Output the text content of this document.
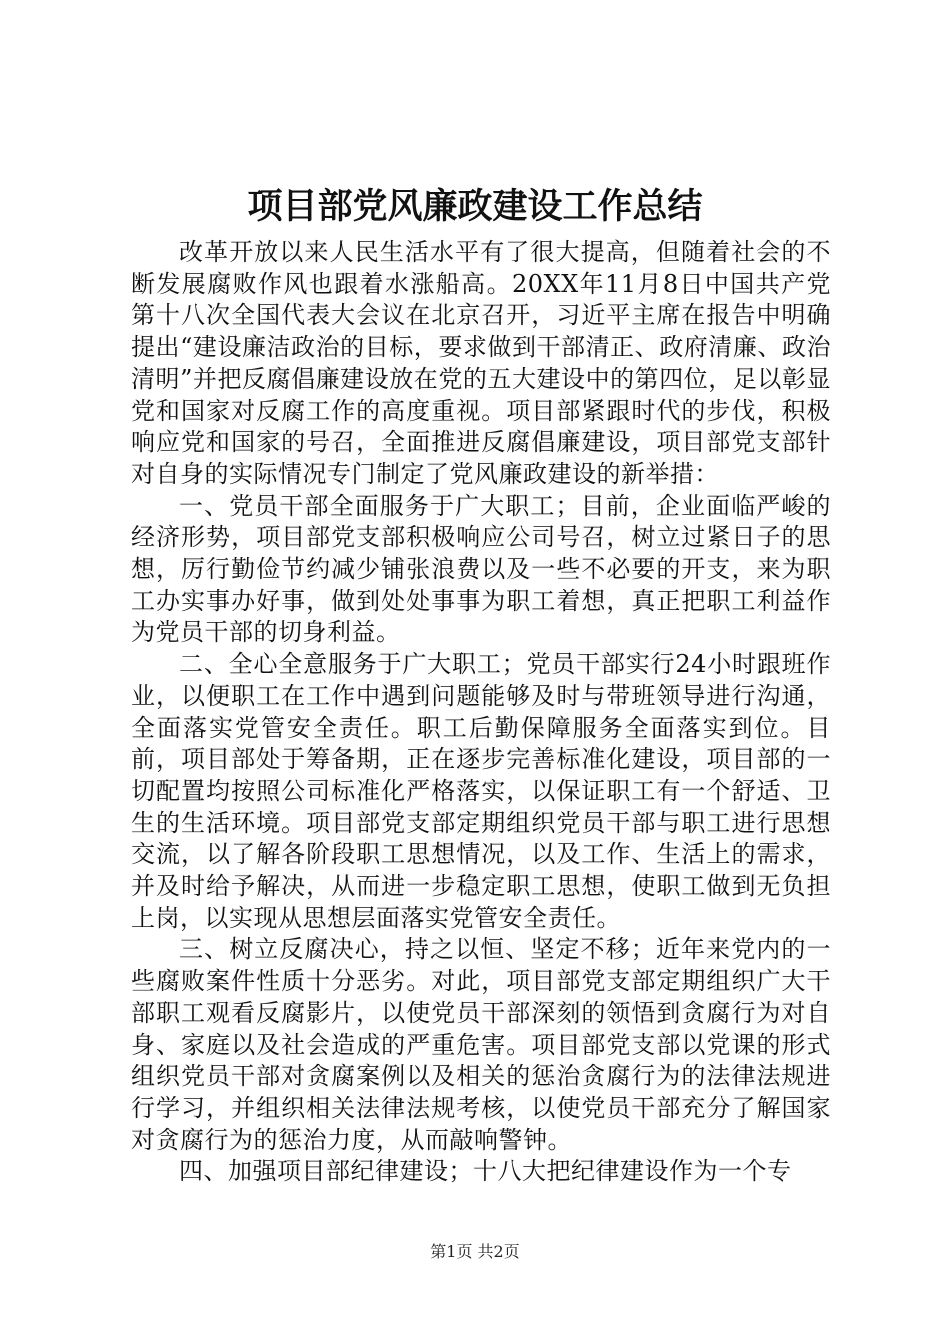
项目部党风廉政建设工作总结

改革开放以来人民生活水平有了很大提高，但随着社会的不断发展腐败作风也跟着水涨船高。20XX年11月8日中国共产党第十八次全国代表大会议在北京召开，习近平主席在报告中明确提出“建设廉洁政治的目标，要求做到干部清正、政府清廉、政治清明”并把反腐倡廉建设放在党的五大建设中的第四位，足以彰显党和国家对反腐工作的高度重视。项目部紧跟时代的步伐，积极响应党和国家的号召，全面推进反腐倡廉建设，项目部党支部针对自身的实际情况专门制定了党风廉政建设的新举措：

一、党员干部全面服务于广大职工；目前，企业面临严峻的经济形势，项目部党支部积极响应公司号召，树立过紧日子的思想，厉行勤俭节约减少铺张浪费以及一些不必要的开支，来为职工办实事办好事，做到处处事事为职工着想，真正把职工利益作为党员干部的切身利益。

二、全心全意服务于广大职工；党员干部实行24小时跟班作业，以便职工在工作中遇到问题能够及时与带班领导进行沟通，全面落实党管安全责任。职工后勤保障服务全面落实到位。目前，项目部处于筹备期，正在逐步完善标准化建设，项目部的一切配置均按照公司标准化严格落实，以保证职工有一个舒适、卫生的生活环境。项目部党支部定期组织党员干部与职工进行思想交流，以了解各阶段职工思想情况，以及工作、生活上的需求，并及时给予解决，从而进一步稳定职工思想，使职工做到无负担上岗，以实现从思想层面落实党管安全责任。

三、树立反腐决心，持之以恒、坚定不移；近年来党内的一些腐败案件性质十分恶劣。对此，项目部党支部定期组织广大干部职工观看反腐影片，以使党员干部深刻的领悟到贪腐行为对自身、家庭以及社会造成的严重危害。项目部党支部以党课的形式组织党员干部对贪腐案例以及相关的惩治贪腐行为的法律法规进行学习，并组织相关法律法规考核，以使党员干部充分了解国家对贪腐行为的惩治力度，从而敲响警钟。

四、加强项目部纪律建设；十八大把纪律建设作为一个专

第1页 共2页
